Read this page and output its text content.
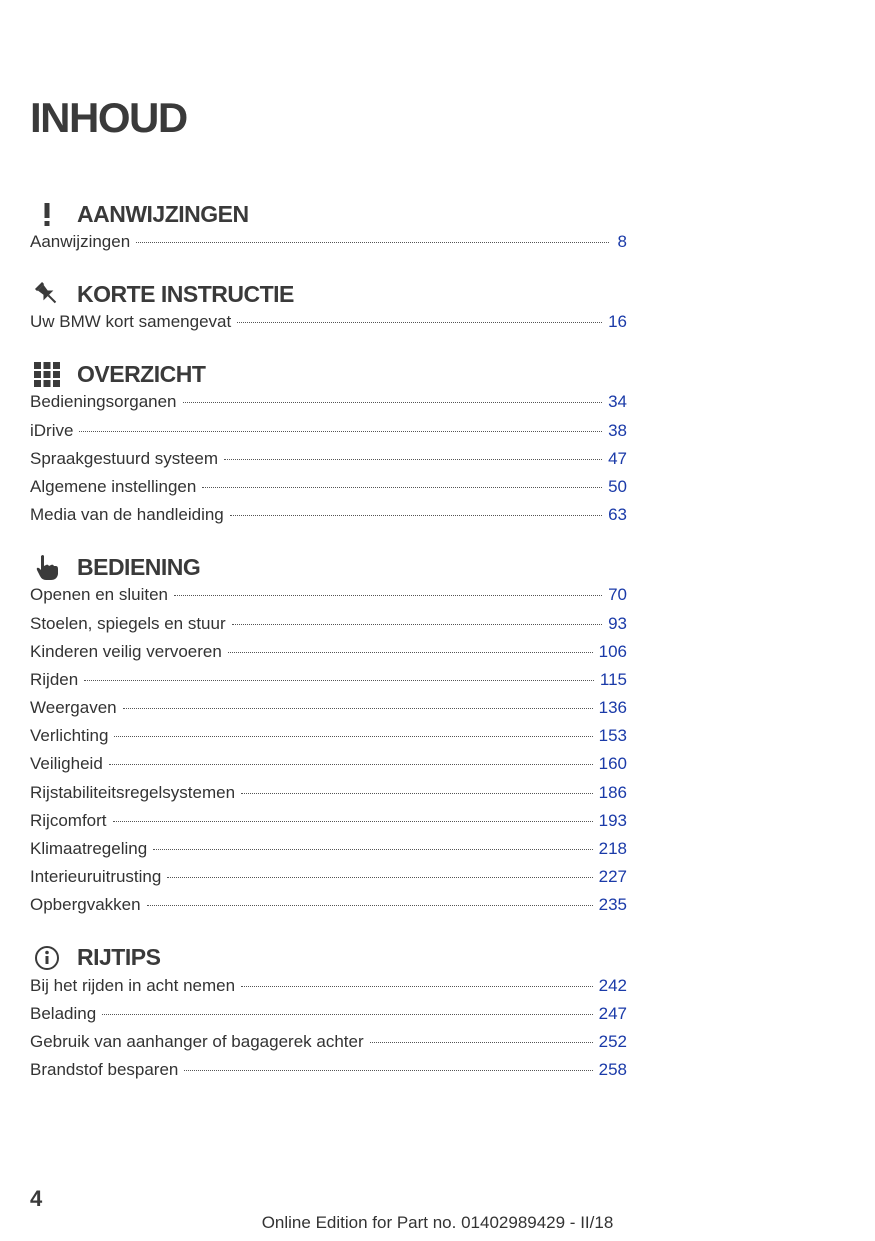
INHOUD
AANWIJZINGEN
Aanwijzingen	8
KORTE INSTRUCTIE
Uw BMW kort samengevat	16
OVERZICHT
Bedieningsorganen	34
iDrive	38
Spraakgestuurd systeem	47
Algemene instellingen	50
Media van de handleiding	63
BEDIENING
Openen en sluiten	70
Stoelen, spiegels en stuur	93
Kinderen veilig vervoeren	106
Rijden	115
Weergaven	136
Verlichting	153
Veiligheid	160
Rijstabiliteitsregelsystemen	186
Rijcomfort	193
Klimaatregeling	218
Interieuruitrusting	227
Opbergvakken	235
RIJTIPS
Bij het rijden in acht nemen	242
Belading	247
Gebruik van aanhanger of bagagerek achter	252
Brandstof besparen	258
4
Online Edition for Part no. 01402989429 - II/18
